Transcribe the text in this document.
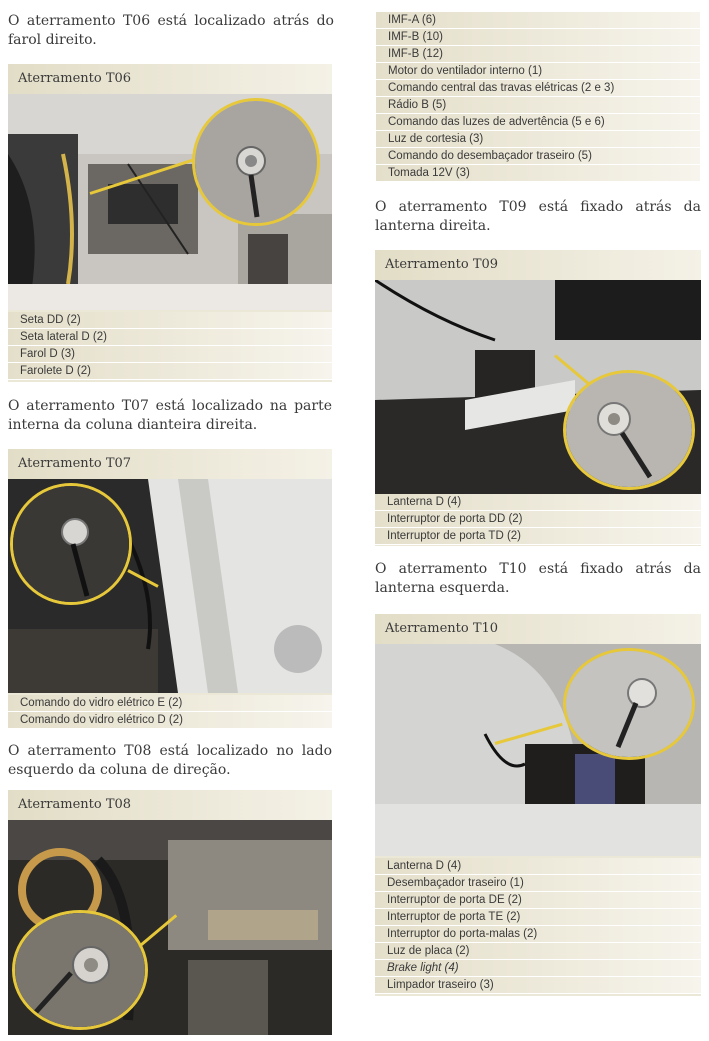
O aterramento T06 está localizado atrás do farol direito.

Aterramento T06
Seta DD (2)
Seta lateral D (2)
Farol D (3)
Farolete D (2)

O aterramento T07 está localizado na parte interna da coluna dianteira direita.

Aterramento T07
Comando do vidro elétrico E (2)
Comando do vidro elétrico D (2)

O aterramento T08 está localizado no lado esquerdo da coluna de direção.

Aterramento T08
IMF-A (6)
IMF-B (10)
IMF-B (12)
Motor do ventilador interno (1)
Comando central das travas elétricas (2 e 3)
Rádio B (5)
Comando das luzes de advertência (5 e 6)
Luz de cortesia (3)
Comando do desembaçador traseiro (5)
Tomada 12V (3)

O aterramento T09 está fixado atrás da lanterna direita.

Aterramento T09
Lanterna D (4)
Interruptor de porta DD (2)
Interruptor de porta TD (2)

O aterramento T10 está fixado atrás da lanterna esquerda.

Aterramento T10
Lanterna D (4)
Desembaçador traseiro (1)
Interruptor de porta DE (2)
Interruptor de porta TE (2)
Interruptor do porta-malas (2)
Luz de placa (2)
Brake light (4)
Limpador traseiro (3)
